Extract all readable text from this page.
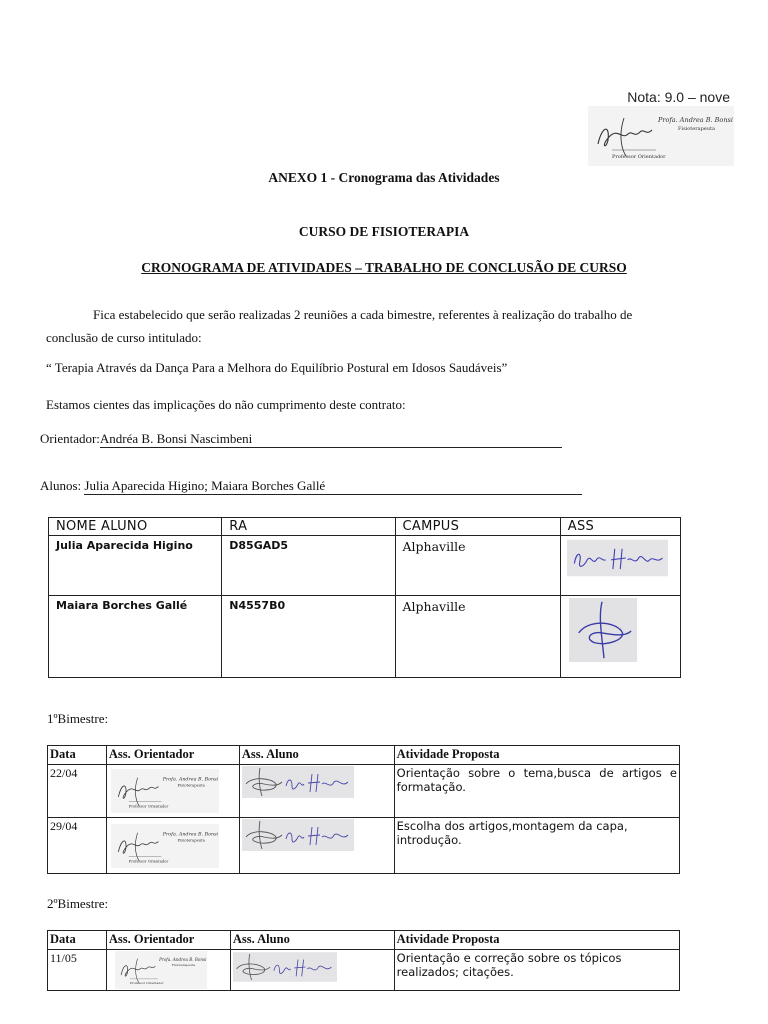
Nota: 9.0 – nove
Profa. Andrea B. Bonsi
Fisioterapeuta
Professor Orientador
ANEXO 1 - Cronograma das Atividades
CURSO DE FISIOTERAPIA
CRONOGRAMA DE ATIVIDADES – TRABALHO DE CONCLUSÃO DE CURSO
Fica estabelecido que serão realizadas 2 reuniões a cada bimestre, referentes à realização do trabalho de
conclusão de curso intitulado:
“ Terapia Através da Dança Para a Melhora do Equilíbrio Postural em Idosos Saudáveis”
Estamos cientes das implicações do não cumprimento deste contrato:
Orientador:Andréa B. Bonsi Nascimbeni
Alunos: Julia Aparecida Higino; Maiara Borches Gallé
NOME ALUNO	RA	CAMPUS	ASS
Julia Aparecida Higino	D85GAD5	Alphaville	

Maiara Borches Gallé	N4557B0	Alphaville	
1ºBimestre:
Data	Ass. Orientador	Ass. Aluno	Atividade Proposta
22/04			Orientação sobre o tema,busca de artigos e formatação.
29/04			Escolha dos artigos,montagem da capa, introdução.
2ºBimestre:
Data	Ass. Orientador	Ass. Aluno	Atividade Proposta
11/05			Orientação e correção sobre os tópicos realizados; citações.
